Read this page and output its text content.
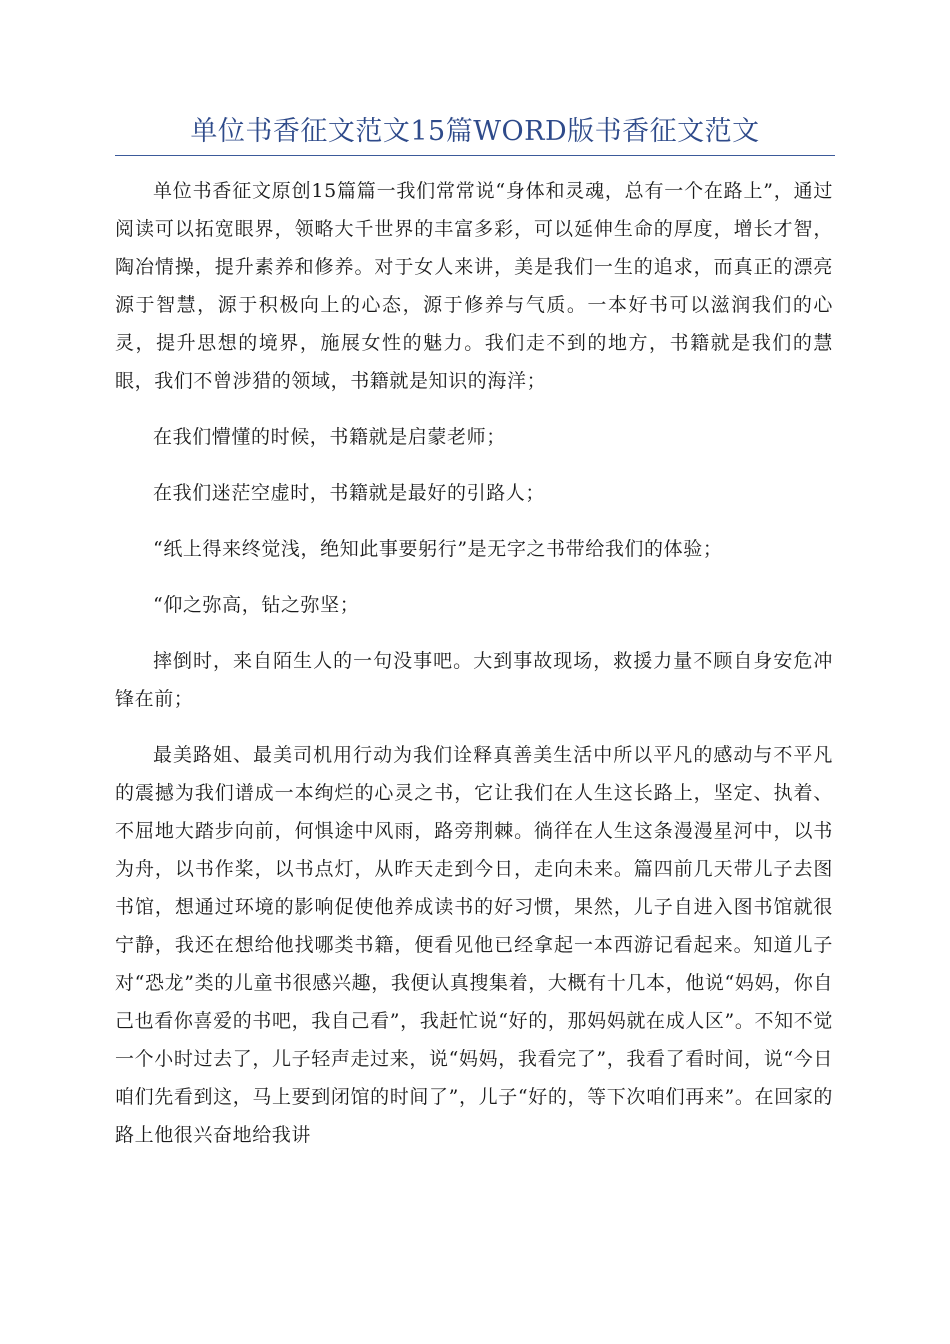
单位书香征文范文15篇WORD版书香征文范文

单位书香征文原创15篇篇一我们常常说“身体和灵魂，总有一个在路上”，通过阅读可以拓宽眼界，领略大千世界的丰富多彩，可以延伸生命的厚度，增长才智，陶冶情操，提升素养和修养。对于女人来讲，美是我们一生的追求，而真正的漂亮源于智慧，源于积极向上的心态，源于修养与气质。一本好书可以滋润我们的心灵，提升思想的境界，施展女性的魅力。我们走不到的地方，书籍就是我们的慧眼，我们不曾涉猎的领域，书籍就是知识的海洋；

在我们懵懂的时候，书籍就是启蒙老师；

在我们迷茫空虚时，书籍就是最好的引路人；

“纸上得来终觉浅，绝知此事要躬行”是无字之书带给我们的体验；

“仰之弥高，钻之弥坚；

摔倒时，来自陌生人的一句没事吧。大到事故现场，救援力量不顾自身安危冲锋在前；

最美路姐、最美司机用行动为我们诠释真善美生活中所以平凡的感动与不平凡的震撼为我们谱成一本绚烂的心灵之书，它让我们在人生这长路上，坚定、执着、不屈地大踏步向前，何惧途中风雨，路旁荆棘。徜徉在人生这条漫漫星河中，以书为舟，以书作桨，以书点灯，从昨天走到今日，走向未来。篇四前几天带儿子去图书馆，想通过环境的影响促使他养成读书的好习惯，果然，儿子自进入图书馆就很宁静，我还在想给他找哪类书籍，便看见他已经拿起一本西游记看起来。知道儿子对“恐龙”类的儿童书很感兴趣，我便认真搜集着，大概有十几本，他说“妈妈，你自己也看你喜爱的书吧，我自己看”，我赶忙说“好的，那妈妈就在成人区”。不知不觉一个小时过去了，儿子轻声走过来，说“妈妈，我看完了”，我看了看时间，说“今日咱们先看到这，马上要到闭馆的时间了”，儿子“好的，等下次咱们再来”。在回家的路上他很兴奋地给我讲
